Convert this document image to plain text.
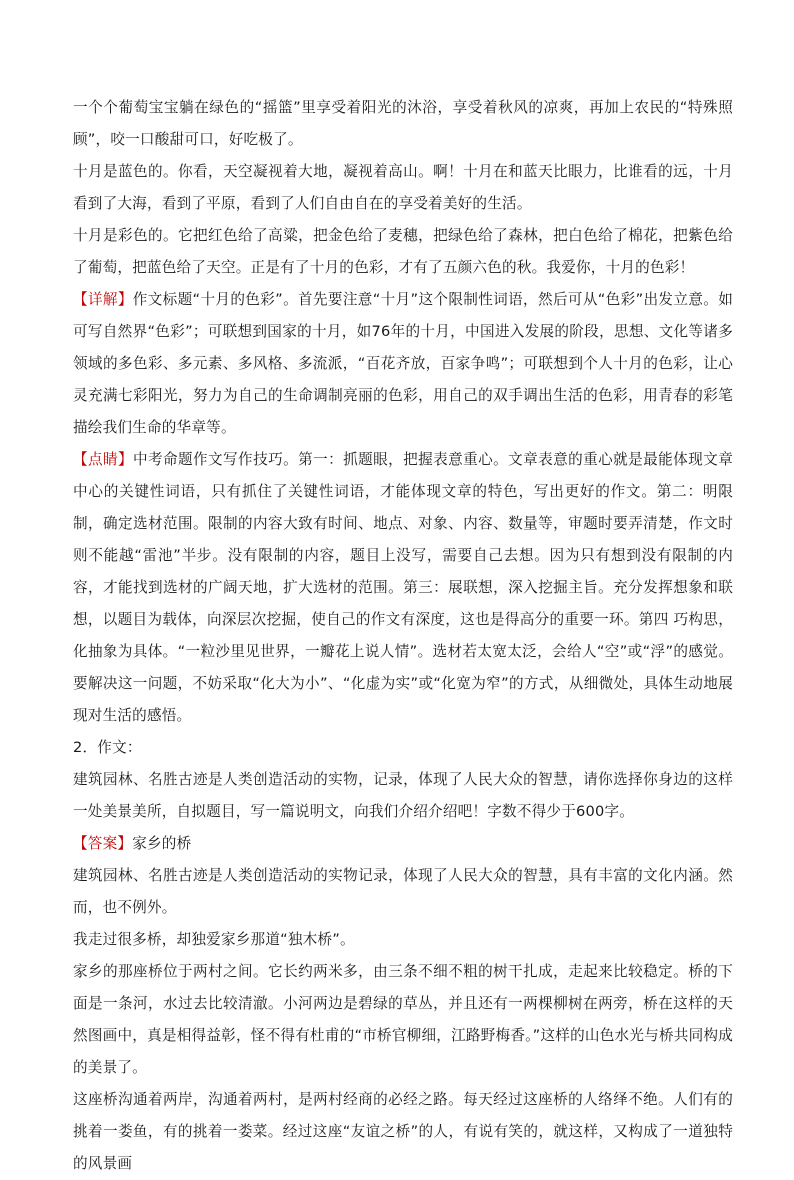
一个个葡萄宝宝躺在绿色的“摇篮”里享受着阳光的沐浴，享受着秋风的凉爽，再加上农民的“特殊照顾”，咬一口酸甜可口，好吃极了。

十月是蓝色的。你看，天空凝视着大地，凝视着高山。啊！十月在和蓝天比眼力，比谁看的远，十月看到了大海，看到了平原，看到了人们自由自在的享受着美好的生活。

十月是彩色的。它把红色给了高粱，把金色给了麦穗，把绿色给了森林，把白色给了棉花，把紫色给了葡萄，把蓝色给了天空。正是有了十月的色彩，才有了五颜六色的秋。我爱你，十月的色彩！

【详解】作文标题“十月的色彩”。首先要注意“十月”这个限制性词语，然后可从“色彩”出发立意。如可写自然界“色彩”；可联想到国家的十月，如76年的十月，中国进入发展的阶段，思想、文化等诸多领域的多色彩、多元素、多风格、多流派，“百花齐放，百家争鸣”；可联想到个人十月的色彩，让心灵充满七彩阳光，努力为自己的生命调制亮丽的色彩，用自己的双手调出生活的色彩，用青春的彩笔描绘我们生命的华章等。

【点睛】中考命题作文写作技巧。第一：抓题眼，把握表意重心。文章表意的重心就是最能体现文章中心的关键性词语，只有抓住了关键性词语，才能体现文章的特色，写出更好的作文。第二：明限制，确定选材范围。限制的内容大致有时间、地点、对象、内容、数量等，审题时要弄清楚，作文时则不能越“雷池”半步。没有限制的内容，题目上没写，需要自己去想。因为只有想到没有限制的内容，才能找到选材的广阔天地，扩大选材的范围。第三：展联想，深入挖掘主旨。充分发挥想象和联想，以题目为载体，向深层次挖掘，使自己的作文有深度，这也是得高分的重要一环。第四 巧构思，化抽象为具体。“一粒沙里见世界，一瓣花上说人情”。选材若太宽太泛，会给人“空”或“浮”的感觉。要解决这一问题，不妨采取“化大为小”、“化虚为实”或“化宽为窄”的方式，从细微处，具体生动地展现对生活的感悟。

2．作文：

建筑园林、名胜古迹是人类创造活动的实物，记录，体现了人民大众的智慧，请你选择你身边的这样一处美景美所，自拟题目，写一篇说明文，向我们介绍介绍吧！字数不得少于600字。

【答案】家乡的桥

建筑园林、名胜古迹是人类创造活动的实物记录，体现了人民大众的智慧，具有丰富的文化内涵。然而，也不例外。

我走过很多桥，却独爱家乡那道“独木桥”。

家乡的那座桥位于两村之间。它长约两米多，由三条不细不粗的树干扎成，走起来比较稳定。桥的下面是一条河，水过去比较清澈。小河两边是碧绿的草丛，并且还有一两棵柳树在两旁，桥在这样的天然图画中，真是相得益彰，怪不得有杜甫的“市桥官柳细，江路野梅香。”这样的山色水光与桥共同构成的美景了。

这座桥沟通着两岸，沟通着两村，是两村经商的必经之路。每天经过这座桥的人络绎不绝。人们有的挑着一娄鱼，有的挑着一娄菜。经过这座“友谊之桥”的人，有说有笑的，就这样，又构成了一道独特的风景画
